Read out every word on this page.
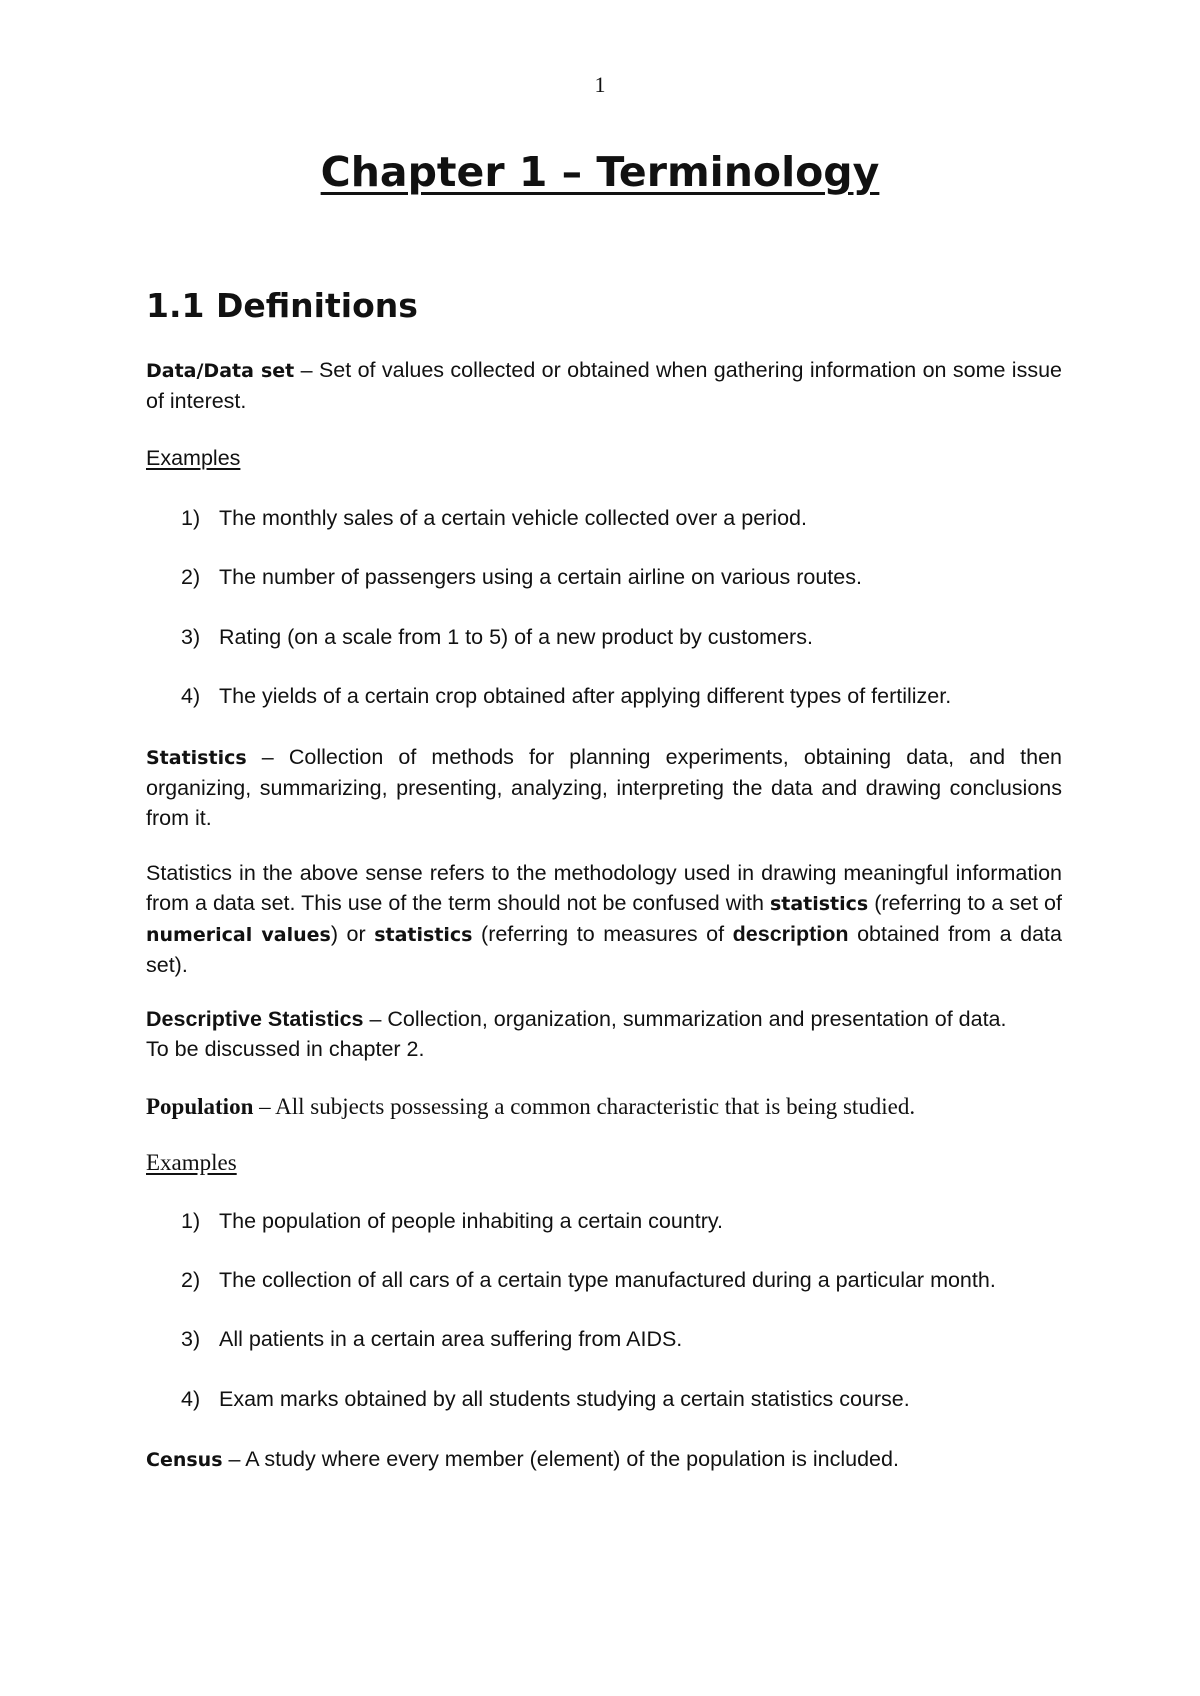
1
Chapter 1 – Terminology
1.1 Definitions

Data/Data set – Set of values collected or obtained when gathering information on some issue of interest.

Examples

1) The monthly sales of a certain vehicle collected over a period.
2) The number of passengers using a certain airline on various routes.
3) Rating (on a scale from 1 to 5) of a new product by customers.
4) The yields of a certain crop obtained after applying different types of fertilizer.

Statistics – Collection of methods for planning experiments, obtaining data, and then organizing, summarizing, presenting, analyzing, interpreting the data and drawing conclusions from it.

Statistics in the above sense refers to the methodology used in drawing meaningful information from a data set. This use of the term should not be confused with statistics (referring to a set of numerical values) or statistics (referring to measures of description obtained from a data set).

Descriptive Statistics – Collection, organization, summarization and presentation of data.
To be discussed in chapter 2.

Population – All subjects possessing a common characteristic that is being studied.

Examples

1) The population of people inhabiting a certain country.
2) The collection of all cars of a certain type manufactured during a particular month.
3) All patients in a certain area suffering from AIDS.
4) Exam marks obtained by all students studying a certain statistics course.

Census – A study where every member (element) of the population is included.
